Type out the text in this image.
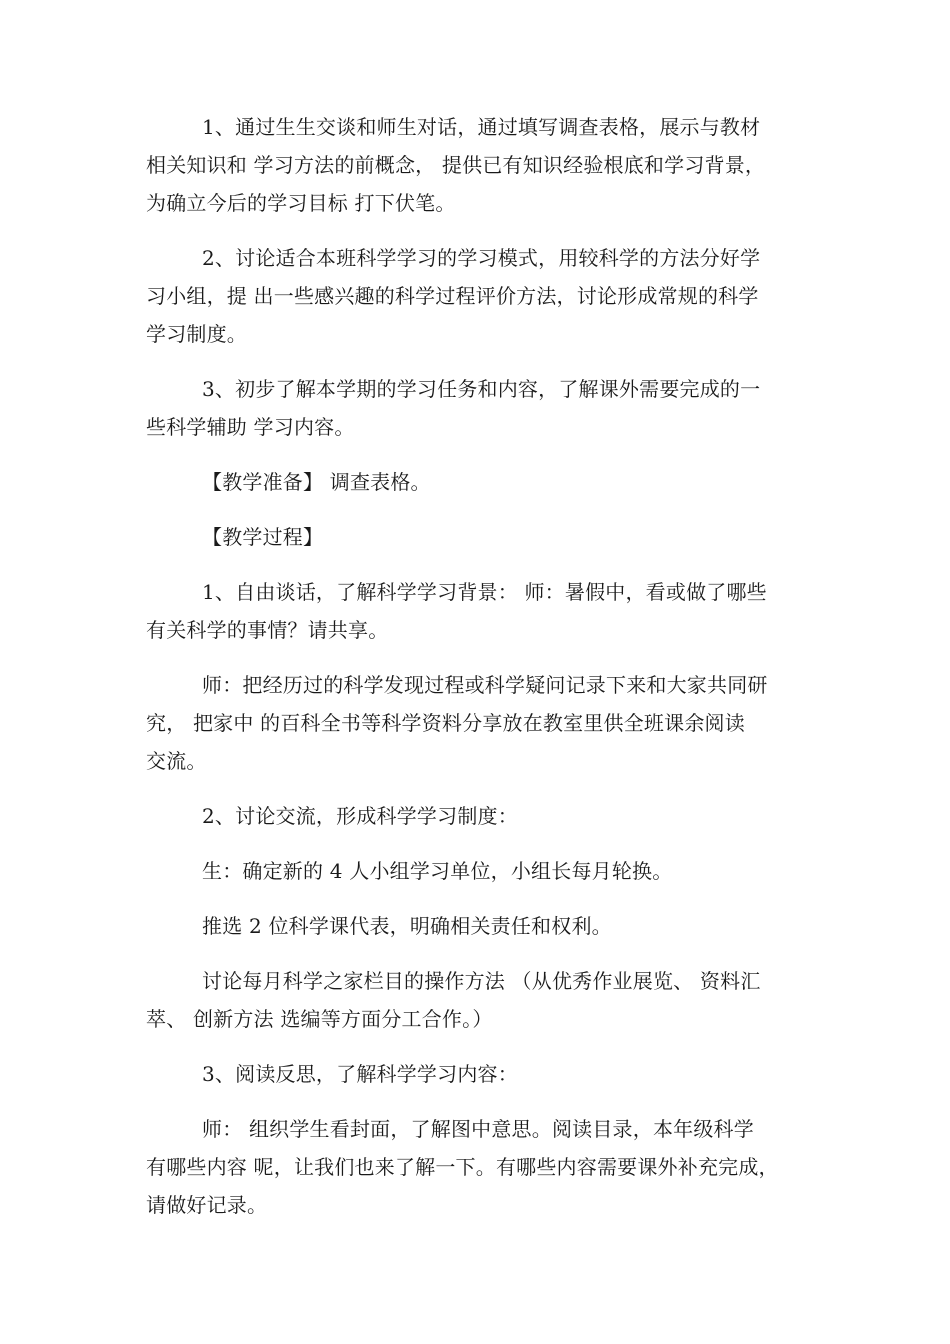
1、通过生生交谈和师生对话，通过填写调查表格，展示与教材
相关知识和 学习方法的前概念， 提供已有知识经验根底和学习背景，
为确立今后的学习目标 打下伏笔。

2、讨论适合本班科学学习的学习模式，用较科学的方法分好学
习小组，提 出一些感兴趣的科学过程评价方法，讨论形成常规的科学
学习制度。

3、初步了解本学期的学习任务和内容，了解课外需要完成的一
些科学辅助 学习内容。

【教学准备】 调查表格。

【教学过程】

1、自由谈话，了解科学学习背景： 师：暑假中，看或做了哪些
有关科学的事情？请共享。

师：把经历过的科学发现过程或科学疑问记录下来和大家共同研
究， 把家中 的百科全书等科学资料分享放在教室里供全班课余阅读
交流。

2、讨论交流，形成科学学习制度：

生：确定新的 4 人小组学习单位，小组长每月轮换。

推选 2 位科学课代表，明确相关责任和权利。

讨论每月科学之家栏目的操作方法 （从优秀作业展览、 资料汇
萃、 创新方法 选编等方面分工合作。）

3、阅读反思，了解科学学习内容：

师： 组织学生看封面，了解图中意思。阅读目录，本年级科学
有哪些内容 呢，让我们也来了解一下。有哪些内容需要课外补充完成，
请做好记录。
